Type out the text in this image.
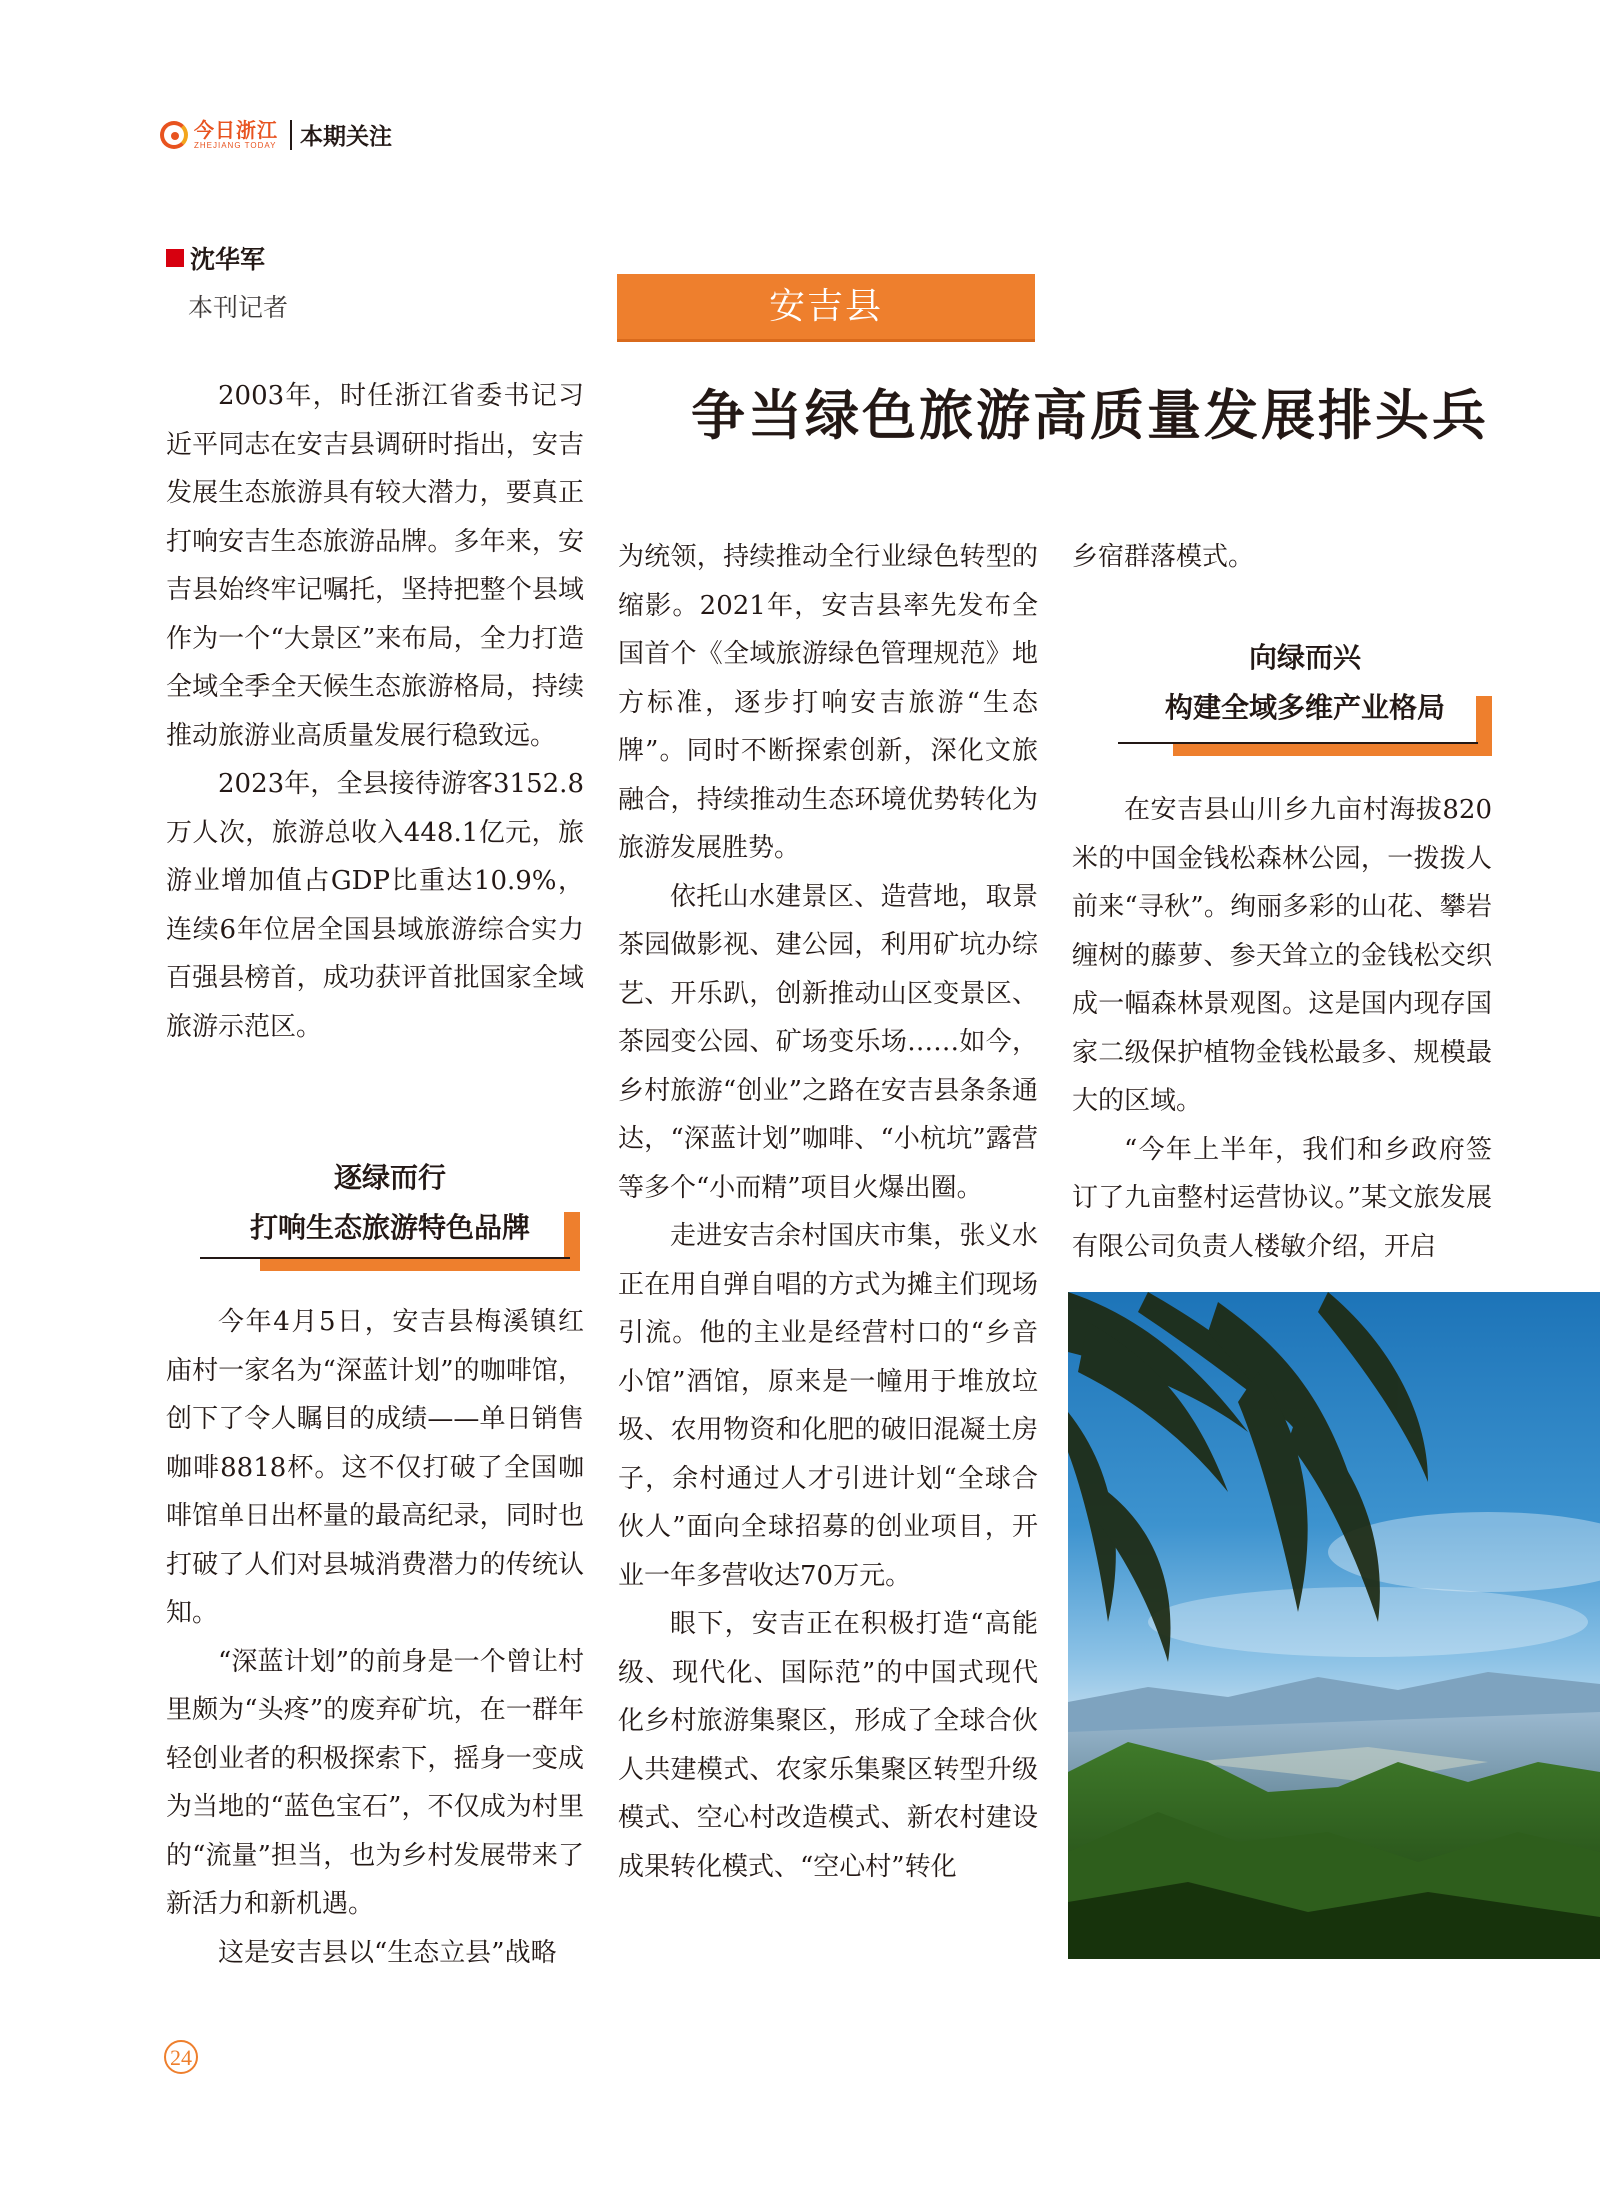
今日浙江
ZHEJIANG TODAY 本期关注
沈华军
本刊记者	安吉县
争当绿色旅游高质量发展排头兵

2003年，时任浙江省委书记习近平同志在安吉县调研时指出，安吉发展生态旅游具有较大潜力，要真正打响安吉生态旅游品牌。多年来，安吉县始终牢记嘱托，坚持把整个县域作为一个“大景区”来布局，全力打造全域全季全天候生态旅游格局，持续推动旅游业高质量发展行稳致远。

2023年，全县接待游客3152.8万人次，旅游总收入448.1亿元，旅游业增加值占GDP比重达10.9%，连续6年位居全国县域旅游综合实力百强县榜首，成功获评首批国家全域旅游示范区。

逐绿而行
打响生态旅游特色品牌

今年4月5日，安吉县梅溪镇红庙村一家名为“深蓝计划”的咖啡馆，创下了令人瞩目的成绩——单日销售咖啡8818杯。这不仅打破了全国咖啡馆单日出杯量的最高纪录，同时也打破了人们对县城消费潜力的传统认知。

“深蓝计划”的前身是一个曾让村里颇为“头疼”的废弃矿坑，在一群年轻创业者的积极探索下，摇身一变成为当地的“蓝色宝石”，不仅成为村里的“流量”担当，也为乡村发展带来了新活力和新机遇。

这是安吉县以“生态立县”战略

为统领，持续推动全行业绿色转型的缩影。2021年，安吉县率先发布全国首个《全域旅游绿色管理规范》地方标准，逐步打响安吉旅游“生态牌”。同时不断探索创新，深化文旅融合，持续推动生态环境优势转化为旅游发展胜势。

依托山水建景区、造营地，取景茶园做影视、建公园，利用矿坑办综艺、开乐趴，创新推动山区变景区、茶园变公园、矿场变乐场……如今，乡村旅游“创业”之路在安吉县条条通达，“深蓝计划”咖啡、“小杭坑”露营等多个“小而精”项目火爆出圈。

走进安吉余村国庆市集，张义水正在用自弹自唱的方式为摊主们现场引流。他的主业是经营村口的“乡音小馆”酒馆，原来是一幢用于堆放垃圾、农用物资和化肥的破旧混凝土房子，余村通过人才引进计划“全球合伙人”面向全球招募的创业项目，开业一年多营收达70万元。

眼下，安吉正在积极打造“高能级、现代化、国际范”的中国式现代化乡村旅游集聚区，形成了全球合伙人共建模式、农家乐集聚区转型升级模式、空心村改造模式、新农村建设成果转化模式、“空心村”转化

乡宿群落模式。

向绿而兴
构建全域多维产业格局

在安吉县山川乡九亩村海拔820米的中国金钱松森林公园，一拨拨人前来“寻秋”。绚丽多彩的山花、攀岩缠树的藤萝、参天耸立的金钱松交织成一幅森林景观图。这是国内现存国家二级保护植物金钱松最多、规模最大的区域。

“今年上半年，我们和乡政府签订了九亩整村运营协议。”某文旅发展有限公司负责人楼敏介绍，开启

24
